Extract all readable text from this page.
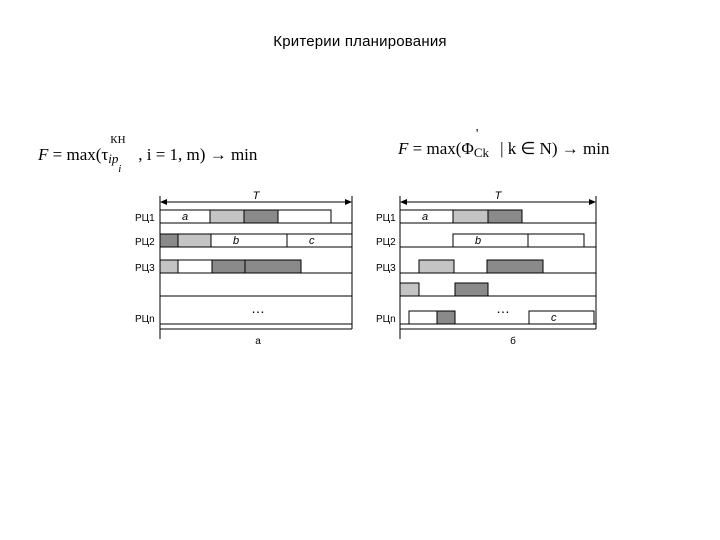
Критерии планирования
F = max(τ
КН
ip
i
, i = 1, m) → min	F = max(Φ
'
Ck | k ∈ N) → min
T
РЦ1 a
РЦ2	b	c
РЦ3
РЦn
…
a
T
РЦ1 a
РЦ2	b
РЦ3
РЦn	c
…
б
